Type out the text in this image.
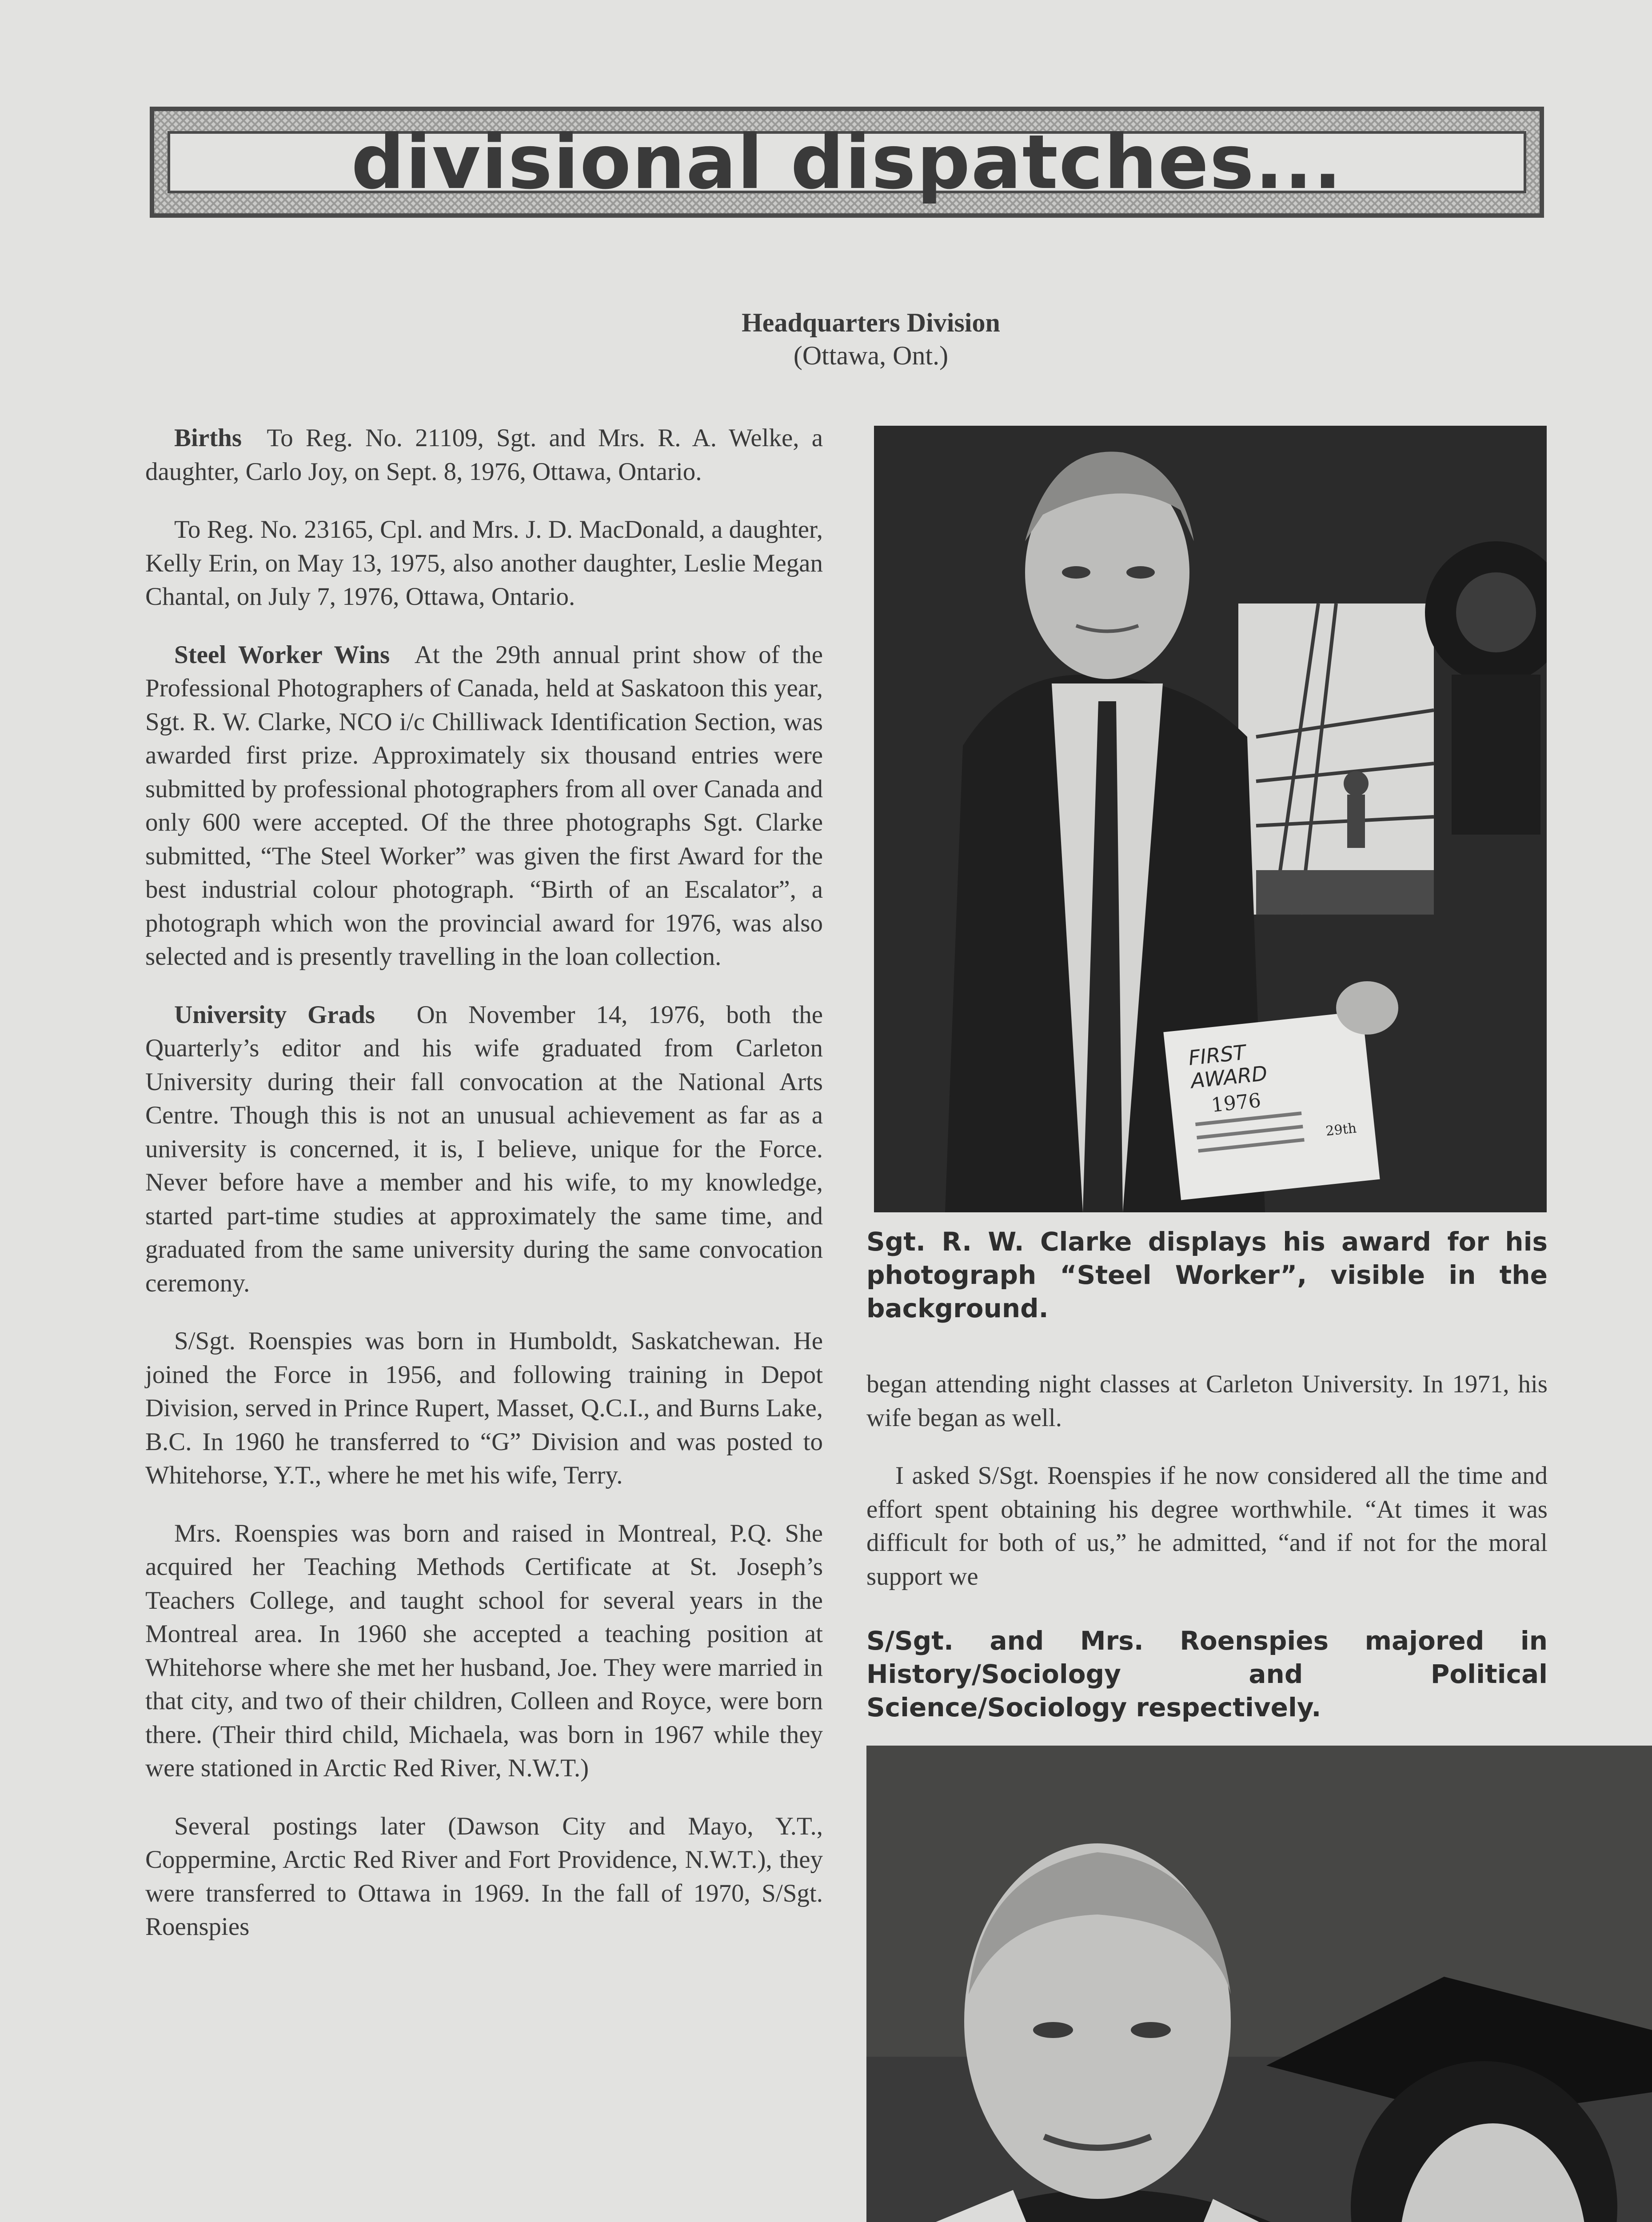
divisional dispatches...
Headquarters Division
(Ottawa, Ont.)

Births To Reg. No. 21109, Sgt. and Mrs. R. A. Welke, a daughter, Carlo Joy, on Sept. 8, 1976, Ottawa, Ontario.

To Reg. No. 23165, Cpl. and Mrs. J. D. MacDonald, a daughter, Kelly Erin, on May 13, 1975, also another daughter, Leslie Megan Chantal, on July 7, 1976, Ottawa, Ontario.

Steel Worker Wins At the 29th annual print show of the Professional Photographers of Canada, held at Saskatoon this year, Sgt. R. W. Clarke, NCO i/c Chilliwack Identification Section, was awarded first prize. Approximately six thousand entries were submitted by professional photographers from all over Canada and only 600 were accepted. Of the three photographs Sgt. Clarke submitted, “The Steel Worker” was given the first Award for the best industrial colour photograph. “Birth of an Escalator”, a photograph which won the provincial award for 1976, was also selected and is presently travelling in the loan collection.

University Grads On November 14, 1976, both the Quarterly’s editor and his wife graduated from Carleton University during their fall convocation at the National Arts Centre. Though this is not an unusual achievement as far as a university is concerned, it is, I believe, unique for the Force. Never before have a member and his wife, to my knowledge, started part-time studies at approximately the same time, and graduated from the same university during the same convocation ceremony.

S/Sgt. Roenspies was born in Humboldt, Saskatchewan. He joined the Force in 1956, and following training in Depot Division, served in Prince Rupert, Masset, Q.C.I., and Burns Lake, B.C. In 1960 he transferred to “G” Division and was posted to Whitehorse, Y.T., where he met his wife, Terry.

Mrs. Roenspies was born and raised in Montreal, P.Q. She acquired her Teaching Methods Certificate at St. Joseph’s Teachers College, and taught school for several years in the Montreal area. In 1960 she accepted a teaching position at Whitehorse where she met her husband, Joe. They were married in that city, and two of their children, Colleen and Royce, were born there. (Their third child, Michaela, was born in 1967 while they were stationed in Arctic Red River, N.W.T.)

Several postings later (Dawson City and Mayo, Y.T., Coppermine, Arctic Red River and Fort Providence, N.W.T.), they were transferred to Ottawa in 1969. In the fall of 1970, S/Sgt. Roenspies

FIRST
AWARD
1976
29th
Sgt. R. W. Clarke displays his award for his photograph “Steel Worker”, visible in the background.

began attending night classes at Carleton University. In 1971, his wife began as well.

I asked S/Sgt. Roenspies if he now considered all the time and effort spent obtaining his degree worthwhile. “At times it was difficult for both of us,” he admitted, “and if not for the moral support we

S/Sgt. and Mrs. Roenspies majored in History/Sociology and Political Science/Sociology respectively.
